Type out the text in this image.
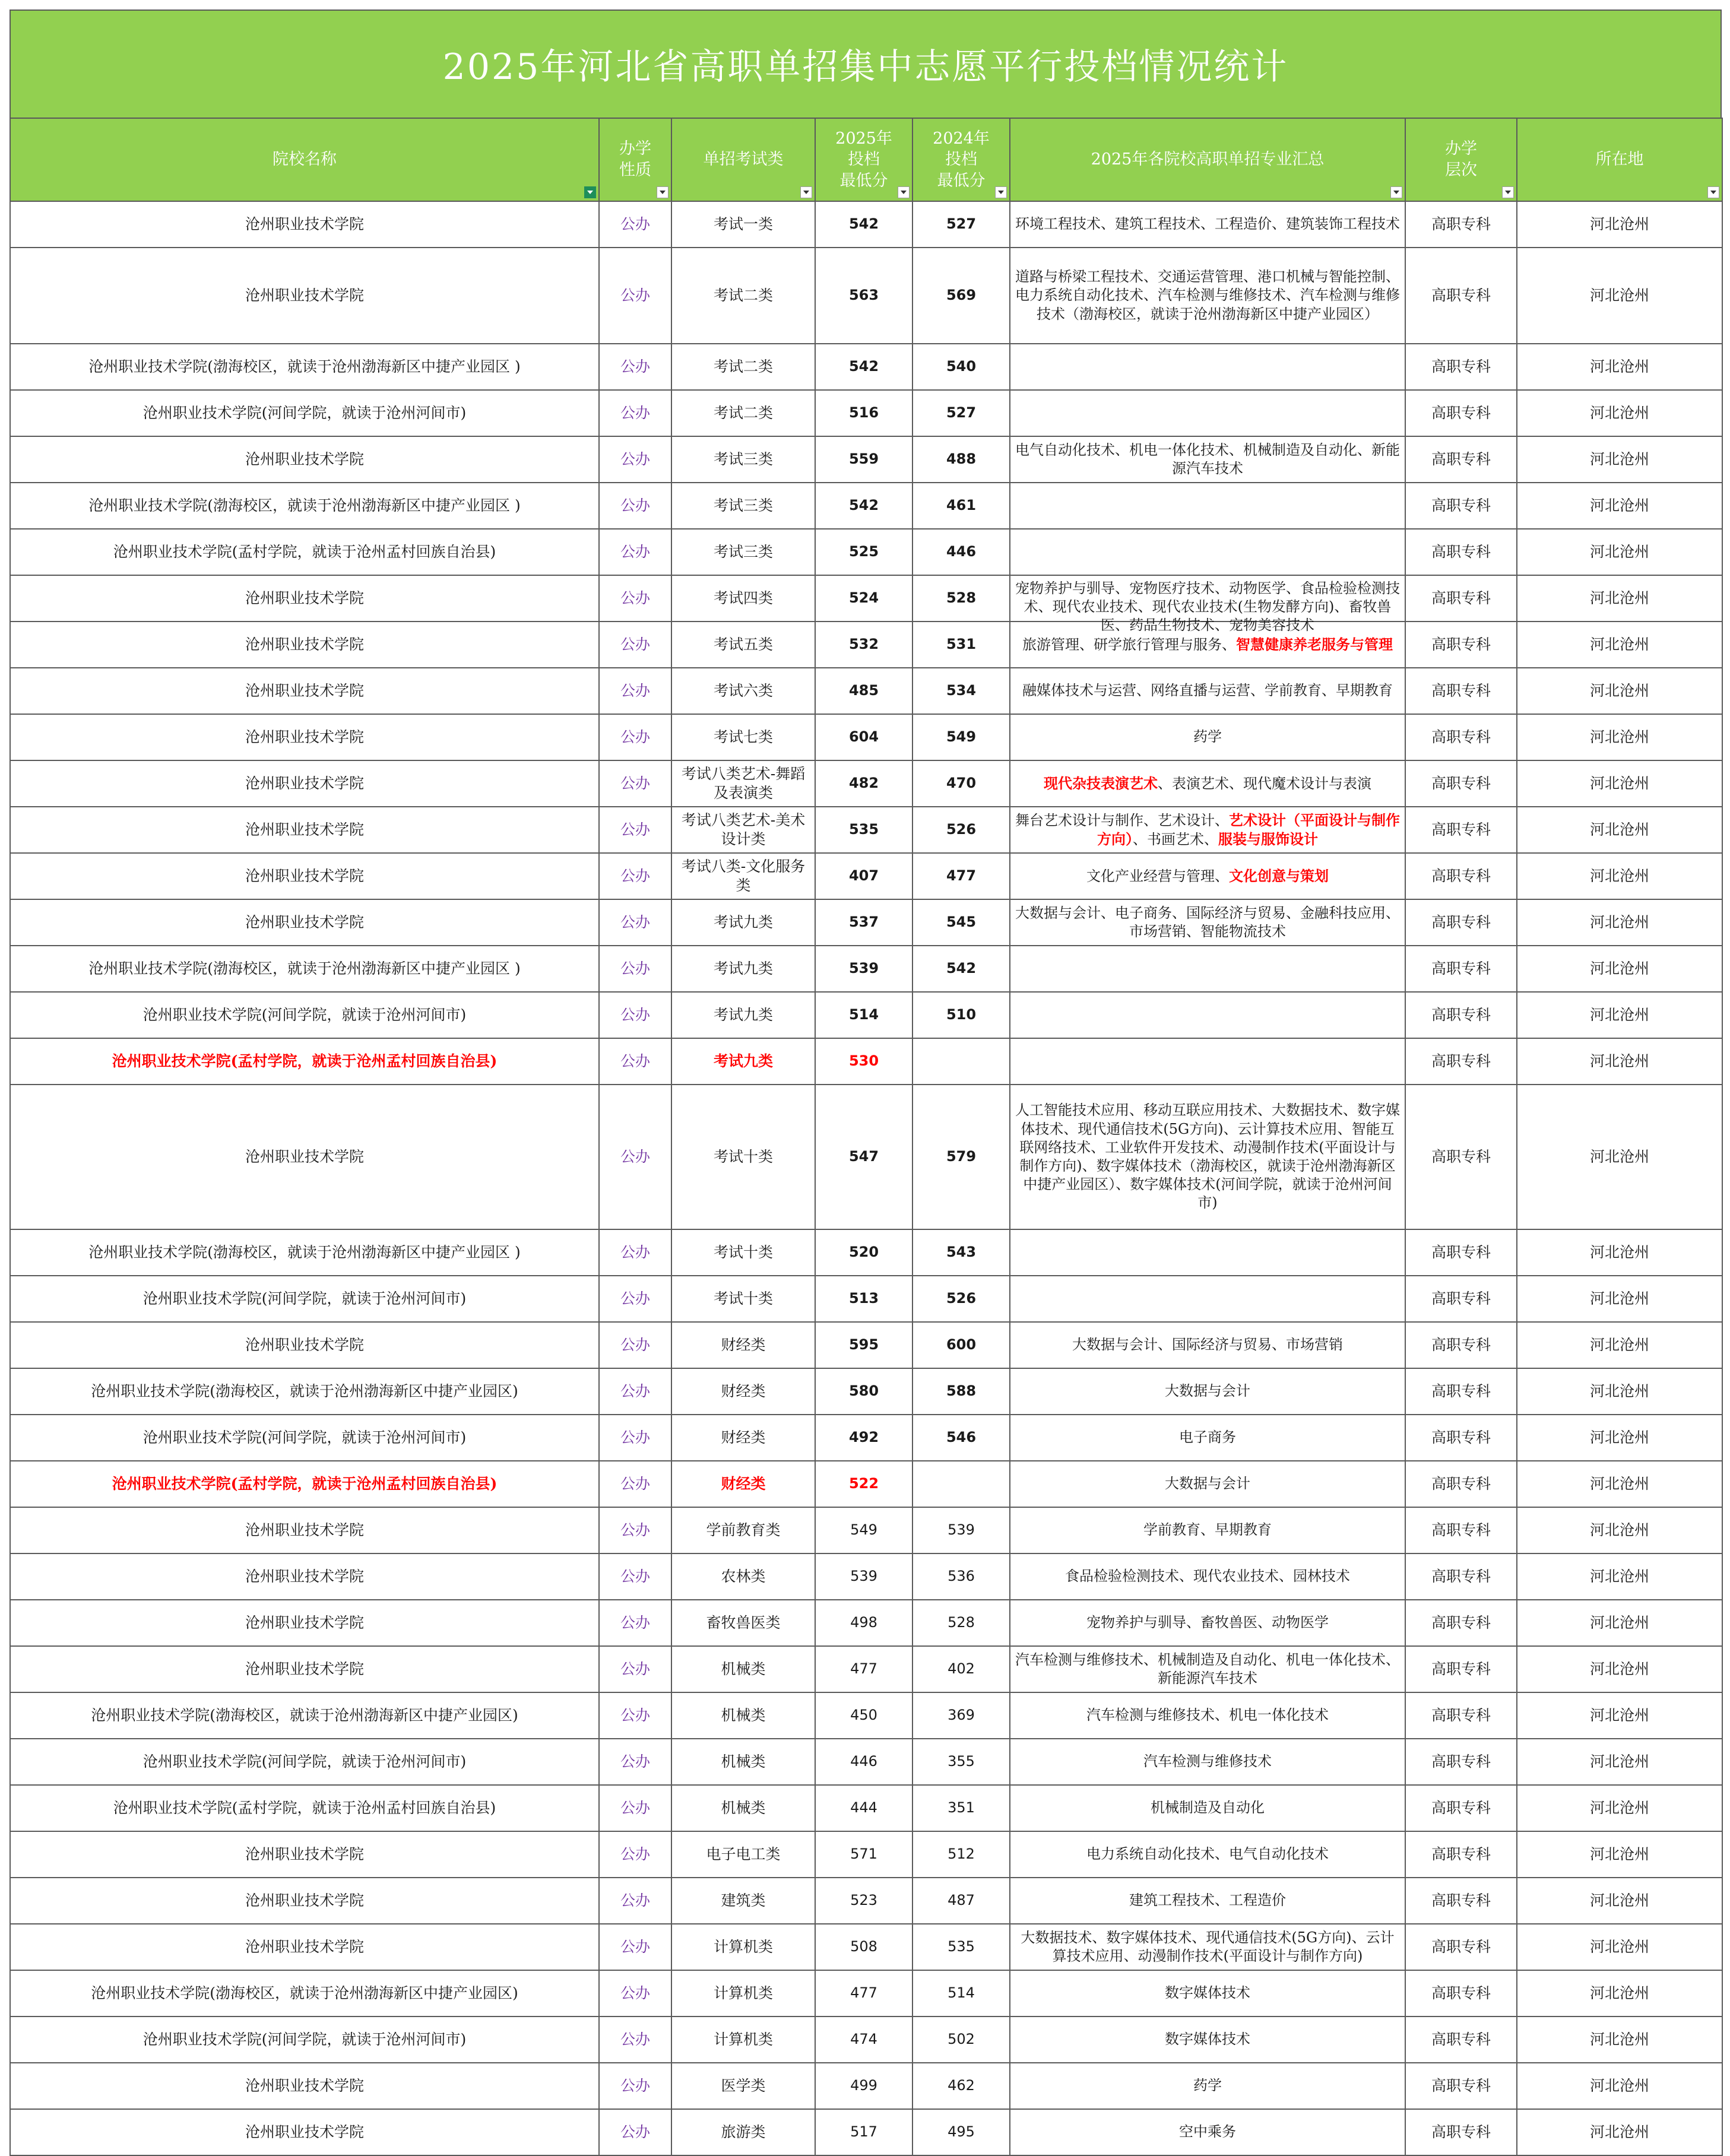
2025年河北省高职单招集中志愿平行投档情况统计
院校名称	办学
性质	单招考试类	2025年
投档
最低分	2024年
投档
最低分	2025年各院校高职单招专业汇总	办学
层次	所在地

沧州职业技术学院	公办	考试一类	542	527	环境工程技术、建筑工程技术、工程造价、建筑装饰工程技术	高职专科	河北沧州
沧州职业技术学院	公办	考试二类	563	569	道路与桥梁工程技术、交通运营管理、港口机械与智能控制、电力系统自动化技术、汽车检测与维修技术、汽车检测与维修技术（渤海校区，就读于沧州渤海新区中捷产业园区）	高职专科	河北沧州
沧州职业技术学院(渤海校区，就读于沧州渤海新区中捷产业园区 )	公办	考试二类	542	540		高职专科	河北沧州
沧州职业技术学院(河间学院，就读于沧州河间市)	公办	考试二类	516	527		高职专科	河北沧州
沧州职业技术学院	公办	考试三类	559	488	电气自动化技术、机电一体化技术、机械制造及自动化、新能源汽车技术	高职专科	河北沧州
沧州职业技术学院(渤海校区，就读于沧州渤海新区中捷产业园区 )	公办	考试三类	542	461		高职专科	河北沧州
沧州职业技术学院(孟村学院，就读于沧州孟村回族自治县)	公办	考试三类	525	446		高职专科	河北沧州
沧州职业技术学院	公办	考试四类	524	528	宠物养护与驯导、宠物医疗技术、动物医学、食品检验检测技术、现代农业技术、现代农业技术(生物发酵方向)、畜牧兽医、药品生物技术、宠物美容技术	高职专科	河北沧州
沧州职业技术学院	公办	考试五类	532	531	旅游管理、研学旅行管理与服务、智慧健康养老服务与管理	高职专科	河北沧州
沧州职业技术学院	公办	考试六类	485	534	融媒体技术与运营、网络直播与运营、学前教育、早期教育	高职专科	河北沧州
沧州职业技术学院	公办	考试七类	604	549	药学	高职专科	河北沧州
沧州职业技术学院	公办	考试八类艺术-舞蹈及表演类	482	470	现代杂技表演艺术、表演艺术、现代魔术设计与表演	高职专科	河北沧州
沧州职业技术学院	公办	考试八类艺术-美术设计类	535	526	舞台艺术设计与制作、艺术设计、艺术设计（平面设计与制作方向）、书画艺术、服装与服饰设计	高职专科	河北沧州
沧州职业技术学院	公办	考试八类-文化服务类	407	477	文化产业经营与管理、文化创意与策划	高职专科	河北沧州
沧州职业技术学院	公办	考试九类	537	545	大数据与会计、电子商务、国际经济与贸易、金融科技应用、市场营销、智能物流技术	高职专科	河北沧州
沧州职业技术学院(渤海校区，就读于沧州渤海新区中捷产业园区 )	公办	考试九类	539	542		高职专科	河北沧州
沧州职业技术学院(河间学院，就读于沧州河间市)	公办	考试九类	514	510		高职专科	河北沧州
沧州职业技术学院(孟村学院，就读于沧州孟村回族自治县)	公办	考试九类	530			高职专科	河北沧州
沧州职业技术学院	公办	考试十类	547	579	人工智能技术应用、移动互联应用技术、大数据技术、数字媒体技术、现代通信技术(5G方向)、云计算技术应用、智能互联网络技术、工业软件开发技术、动漫制作技术(平面设计与制作方向)、数字媒体技术（渤海校区，就读于沧州渤海新区中捷产业园区）、数字媒体技术(河间学院，就读于沧州河间市)	高职专科	河北沧州
沧州职业技术学院(渤海校区，就读于沧州渤海新区中捷产业园区 )	公办	考试十类	520	543		高职专科	河北沧州
沧州职业技术学院(河间学院，就读于沧州河间市)	公办	考试十类	513	526		高职专科	河北沧州
沧州职业技术学院	公办	财经类	595	600	大数据与会计、国际经济与贸易、市场营销	高职专科	河北沧州
沧州职业技术学院(渤海校区，就读于沧州渤海新区中捷产业园区)	公办	财经类	580	588	大数据与会计	高职专科	河北沧州
沧州职业技术学院(河间学院，就读于沧州河间市)	公办	财经类	492	546	电子商务	高职专科	河北沧州
沧州职业技术学院(孟村学院，就读于沧州孟村回族自治县)	公办	财经类	522		大数据与会计	高职专科	河北沧州
沧州职业技术学院	公办	学前教育类	549	539	学前教育、早期教育	高职专科	河北沧州
沧州职业技术学院	公办	农林类	539	536	食品检验检测技术、现代农业技术、园林技术	高职专科	河北沧州
沧州职业技术学院	公办	畜牧兽医类	498	528	宠物养护与驯导、畜牧兽医、动物医学	高职专科	河北沧州
沧州职业技术学院	公办	机械类	477	402	汽车检测与维修技术、机械制造及自动化、机电一体化技术、新能源汽车技术	高职专科	河北沧州
沧州职业技术学院(渤海校区，就读于沧州渤海新区中捷产业园区)	公办	机械类	450	369	汽车检测与维修技术、机电一体化技术	高职专科	河北沧州
沧州职业技术学院(河间学院，就读于沧州河间市)	公办	机械类	446	355	汽车检测与维修技术	高职专科	河北沧州
沧州职业技术学院(孟村学院，就读于沧州孟村回族自治县)	公办	机械类	444	351	机械制造及自动化	高职专科	河北沧州
沧州职业技术学院	公办	电子电工类	571	512	电力系统自动化技术、电气自动化技术	高职专科	河北沧州
沧州职业技术学院	公办	建筑类	523	487	建筑工程技术、工程造价	高职专科	河北沧州
沧州职业技术学院	公办	计算机类	508	535	大数据技术、数字媒体技术、现代通信技术(5G方向)、云计算技术应用、动漫制作技术(平面设计与制作方向)	高职专科	河北沧州
沧州职业技术学院(渤海校区，就读于沧州渤海新区中捷产业园区)	公办	计算机类	477	514	数字媒体技术	高职专科	河北沧州
沧州职业技术学院(河间学院，就读于沧州河间市)	公办	计算机类	474	502	数字媒体技术	高职专科	河北沧州
沧州职业技术学院	公办	医学类	499	462	药学	高职专科	河北沧州
沧州职业技术学院	公办	旅游类	517	495	空中乘务	高职专科	河北沧州
